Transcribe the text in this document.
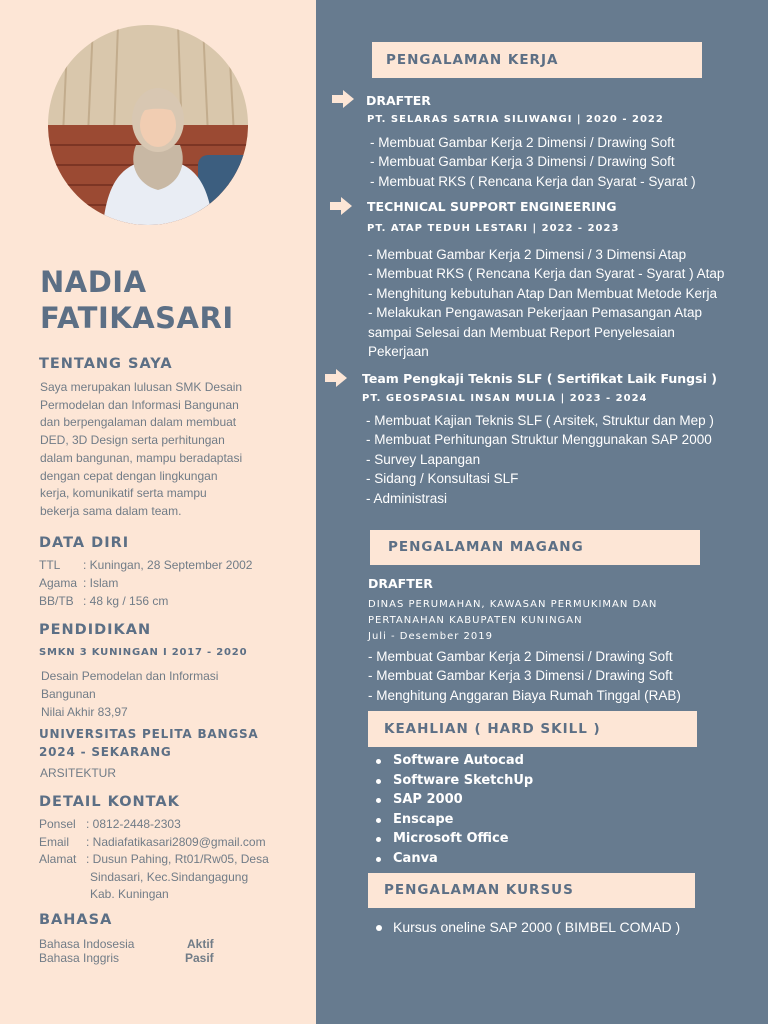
NADIA
FATIKASARI
TENTANG SAYA
Saya merupakan lulusan SMK Desain
Permodelan dan Informasi Bangunan
dan berpengalaman dalam membuat
DED, 3D Design serta perhitungan
dalam bangunan, mampu beradaptasi
dengan cepat dengan lingkungan
kerja, komunikatif serta mampu
bekerja sama dalam team.
DATA DIRI
TTL : Kuningan, 28 September 2002
Agama : Islam
BB/TB : 48 kg / 156 cm
PENDIDIKAN
SMKN 3 KUNINGAN I 2017 - 2020
Desain Pemodelan dan Informasi
Bangunan
Nilai Akhir 83,97
UNIVERSITAS PELITA BANGSA
2024 - SEKARANG
ARSITEKTUR
DETAIL KONTAK
Ponsel : 0812-2448-2303
Email : Nadiafatikasari2809@gmail.com
Alamat : Dusun Pahing, Rt01/Rw05, Desa
Sindasari, Kec.Sindangagung
Kab. Kuningan
BAHASA
Bahasa Indosesia	Aktif
Bahasa Inggris	Pasif
PENGALAMAN KERJA
DRAFTER
PT. SELARAS SATRIA SILIWANGI | 2020 - 2022
- Membuat Gambar Kerja 2 Dimensi / Drawing Soft
- Membuat Gambar Kerja 3 Dimensi / Drawing Soft
- Membuat RKS ( Rencana Kerja dan Syarat - Syarat )
TECHNICAL SUPPORT ENGINEERING
PT. ATAP TEDUH LESTARI | 2022 - 2023
- Membuat Gambar Kerja 2 Dimensi / 3 Dimensi Atap
- Membuat RKS ( Rencana Kerja dan Syarat - Syarat ) Atap
- Menghitung kebutuhan Atap Dan Membuat Metode Kerja
- Melakukan Pengawasan Pekerjaan Pemasangan Atap
sampai Selesai dan Membuat Report Penyelesaian
Pekerjaan
Team Pengkaji Teknis SLF ( Sertifikat Laik Fungsi )
PT. GEOSPASIAL INSAN MULIA | 2023 - 2024
- Membuat Kajian Teknis SLF ( Arsitek, Struktur dan Mep )
- Membuat Perhitungan Struktur Menggunakan SAP 2000
- Survey Lapangan
- Sidang / Konsultasi SLF
- Administrasi
PENGALAMAN MAGANG
DRAFTER
DINAS PERUMAHAN, KAWASAN PERMUKIMAN DAN
PERTANAHAN KABUPATEN KUNINGAN
Juli - Desember 2019
- Membuat Gambar Kerja 2 Dimensi / Drawing Soft
- Membuat Gambar Kerja 3 Dimensi / Drawing Soft
- Menghitung Anggaran Biaya Rumah Tinggal (RAB)
KEAHLIAN ( HARD SKILL )
Software Autocad
Software SketchUp
SAP 2000
Enscape
Microsoft Office
Canva
PENGALAMAN KURSUS
Kursus oneline SAP 2000 ( BIMBEL COMAD )
